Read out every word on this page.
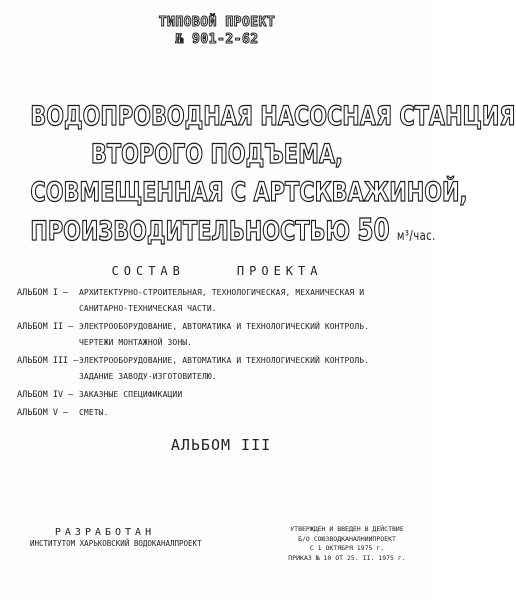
ТИПОВОЙ ПРОЕКТ
№ 901-2-62
ВОДОПРОВОДНАЯ НАСОСНАЯ СТАНЦИЯ
ВТОРОГО ПОДЪЕМА,
СОВМЕЩЕННАЯ С АРТСКВАЖИНОЙ,
ПРОИЗВОДИТЕЛЬНОСТЬЮ 50 м³/час.
СОСТАВ	ПРОЕКТА
АЛЬБОМ I –	АРХИТЕКТУРНО-СТРОИТЕЛЬНАЯ, ТЕХНОЛОГИЧЕСКАЯ, МЕХАНИЧЕСКАЯ И
САНИТАРНО-ТЕХНИЧЕСКАЯ ЧАСТИ.
АЛЬБОМ II – ЭЛЕКТРООБОРУДОВАНИЕ, АВТОМАТИКА И ТЕХНОЛОГИЧЕСКИЙ КОНТРОЛЬ.
ЧЕРТЕЖИ МОНТАЖНОЙ ЗОНЫ.
АЛЬБОМ III – ЭЛЕКТРООБОРУДОВАНИЕ, АВТОМАТИКА И ТЕХНОЛОГИЧЕСКИЙ КОНТРОЛЬ.
ЗАДАНИЕ ЗАВОДУ-ИЗГОТОВИТЕЛЮ.
АЛЬБОМ IV – ЗАКАЗНЫЕ СПЕЦИФИКАЦИИ
АЛЬБОМ V –	СМЕТЫ.
АЛЬБОМ III
РАЗРАБОТАН
ИНСТИТУТОМ ХАРЬКОВСКИЙ ВОДОКАНАЛПРОЕКТ
УТВЕРЖДЕН И ВВЕДЕН В ДЕЙСТВИЕ
Б/О СОЮЗВОДКАНАЛНИИПРОЕКТ
С 1 ОКТЯБРЯ 1975 г.
ПРИКАЗ № 10 ОТ 25. II. 1975 г.
